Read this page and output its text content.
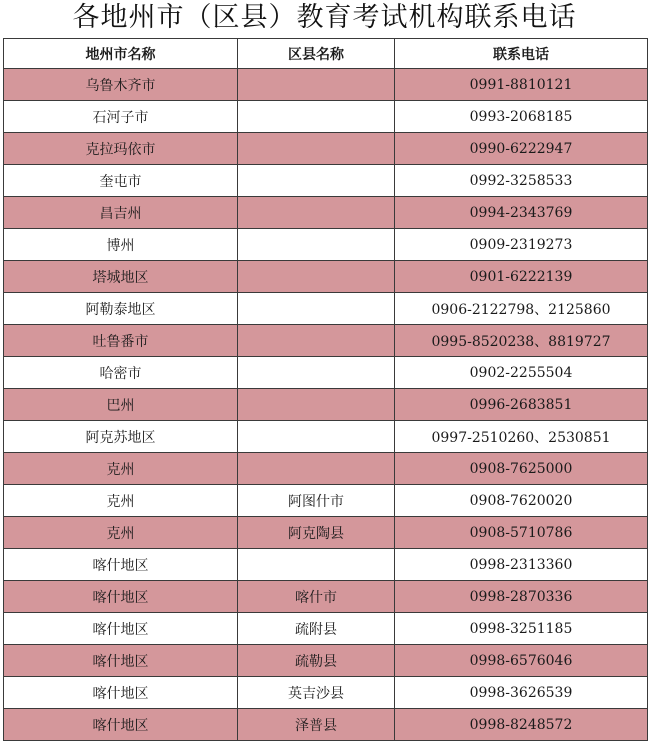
各地州市（区县）教育考试机构联系电话
地州市名称	区县名称	联系电话
乌鲁木齐市		0991-8810121
石河子市		0993-2068185
克拉玛依市		0990-6222947
奎屯市		0992-3258533
昌吉州		0994-2343769
博州		0909-2319273
塔城地区		0901-6222139
阿勒泰地区		0906-2122798、2125860
吐鲁番市		0995-8520238、8819727
哈密市		0902-2255504
巴州		0996-2683851
阿克苏地区		0997-2510260、2530851
克州		0908-7625000
克州	阿图什市	0908-7620020
克州	阿克陶县	0908-5710786
喀什地区		0998-2313360
喀什地区	喀什市	0998-2870336
喀什地区	疏附县	0998-3251185
喀什地区	疏勒县	0998-6576046
喀什地区	英吉沙县	0998-3626539
喀什地区	泽普县	0998-8248572
